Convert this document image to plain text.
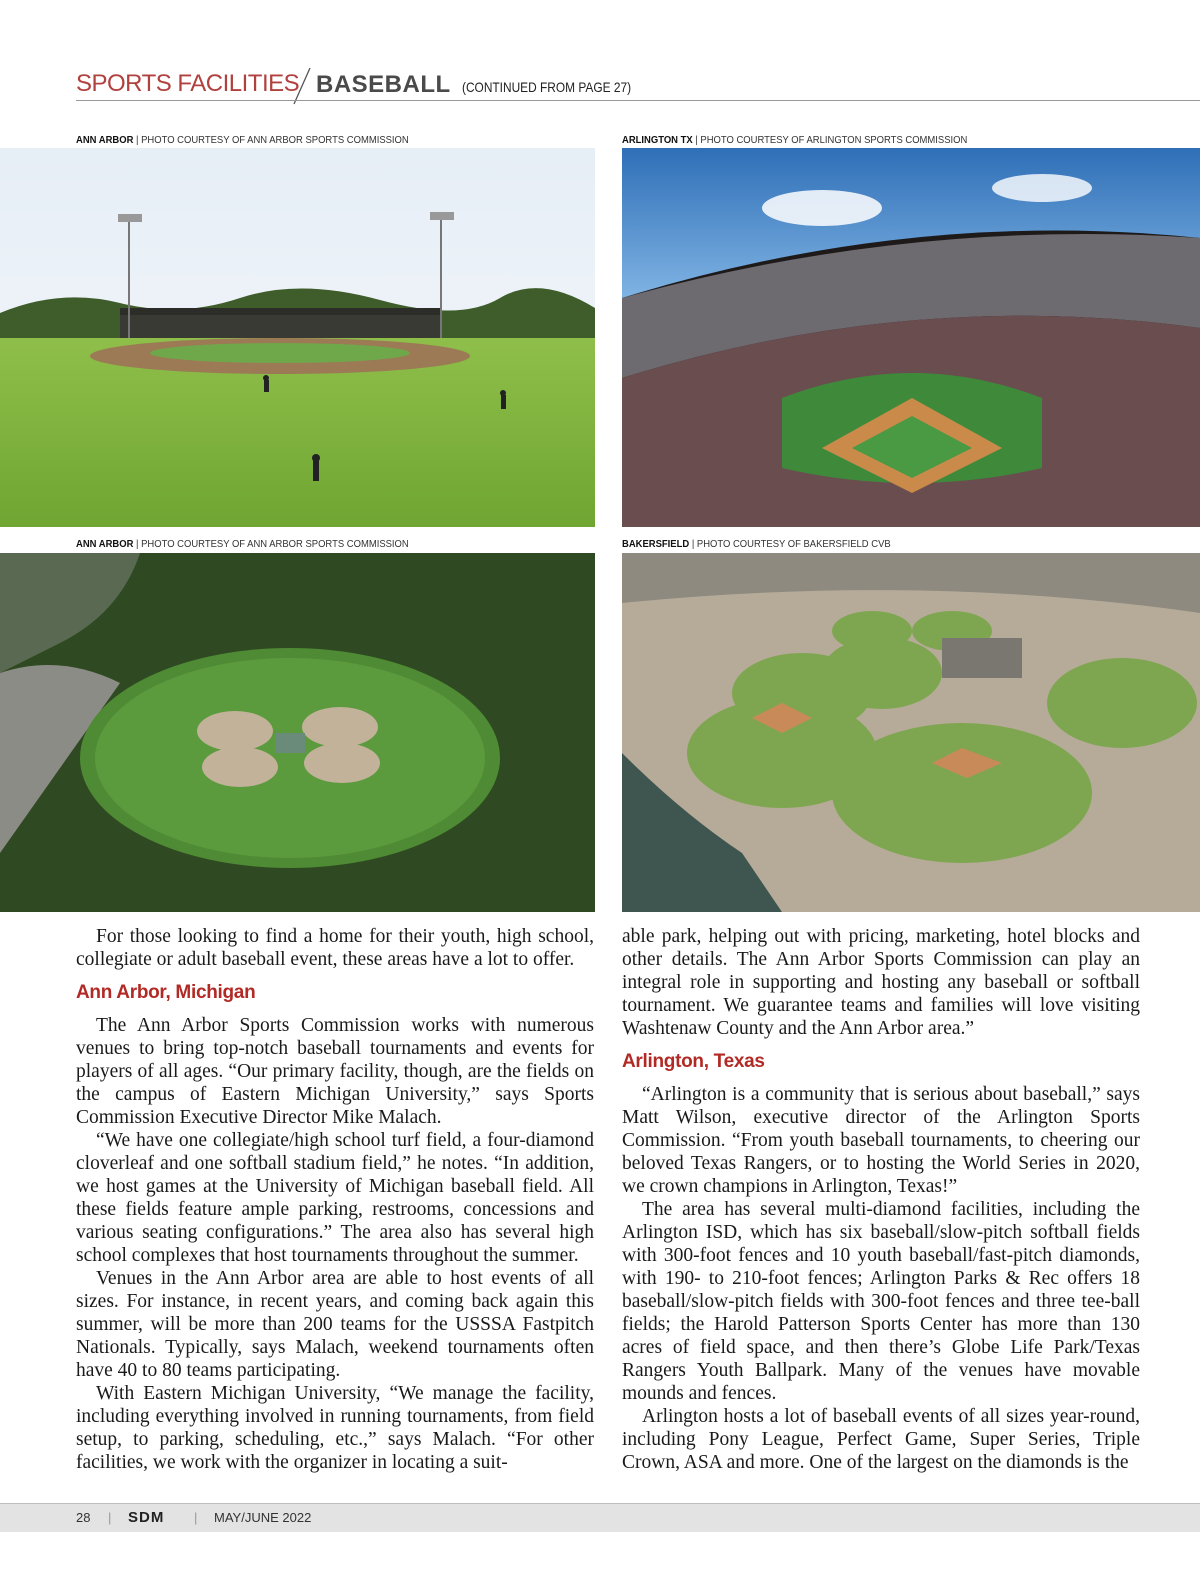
SPORTS FACILITIES BASEBALL (CONTINUED FROM PAGE 27)
ANN ARBOR | PHOTO COURTESY OF ANN ARBOR SPORTS COMMISSION	ARLINGTON TX | PHOTO COURTESY OF ARLINGTON SPORTS COMMISSION
ANN ARBOR | PHOTO COURTESY OF ANN ARBOR SPORTS COMMISSION	BAKERSFIELD | PHOTO COURTESY OF BAKERSFIELD CVB

For those looking to find a home for their youth, high school, collegiate or adult baseball event, these areas have a lot to offer.

Ann Arbor, Michigan

The Ann Arbor Sports Commission works with numerous venues to bring top-notch baseball tournaments and events for players of all ages. “Our primary facility, though, are the fields on the campus of Eastern Michigan University,” says Sports Commission Executive Director Mike Malach.

“We have one collegiate/high school turf field, a four-diamond cloverleaf and one softball stadium field,” he notes. “In addition, we host games at the University of Michigan baseball field. All these fields feature ample parking, restrooms, concessions and various seating configurations.” The area also has several high school complexes that host tournaments throughout the summer.

Venues in the Ann Arbor area are able to host events of all sizes. For instance, in recent years, and coming back again this summer, will be more than 200 teams for the USSSA Fastpitch Nationals. Typically, says Malach, weekend tournaments often have 40 to 80 teams participating.

With Eastern Michigan University, “We manage the facility, including everything involved in running tournaments, from field setup, to parking, scheduling, etc.,” says Malach. “For other facilities, we work with the organizer in locating a suit-

able park, helping out with pricing, marketing, hotel blocks and other details. The Ann Arbor Sports Commission can play an integral role in supporting and hosting any baseball or softball tournament. We guarantee teams and families will love visiting Washtenaw County and the Ann Arbor area.”

Arlington, Texas

“Arlington is a community that is serious about baseball,” says Matt Wilson, executive director of the Arlington Sports Commission. “From youth baseball tournaments, to cheering our beloved Texas Rangers, or to hosting the World Series in 2020, we crown champions in Arlington, Texas!”

The area has several multi-diamond facilities, including the Arlington ISD, which has six baseball/slow-pitch softball fields with 300-foot fences and 10 youth baseball/fast-pitch diamonds, with 190- to 210-foot fences; Arlington Parks & Rec offers 18 baseball/slow-pitch fields with 300-foot fences and three tee-ball fields; the Harold Patterson Sports Center has more than 130 acres of field space, and then there’s Globe Life Park/Texas Rangers Youth Ballpark. Many of the venues have movable mounds and fences.

Arlington hosts a lot of baseball events of all sizes year-round, including Pony League, Perfect Game, Super Series, Triple Crown, ASA and more. One of the largest on the diamonds is the

28 | SDM | MAY/JUNE 2022
